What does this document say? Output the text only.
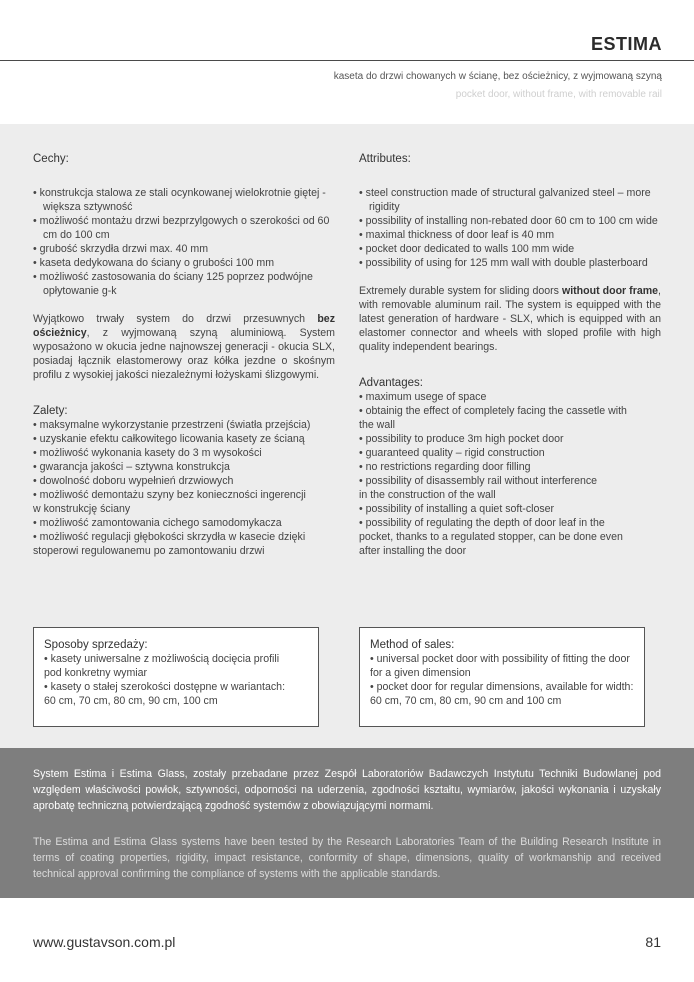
ESTIMA
kaseta do drzwi chowanych w ścianę, bez ościeżnicy, z wyjmowaną szyną
pocket door, without frame, with removable rail
Cechy:
• konstrukcja stalowa ze stali ocynkowanej wielokrotnie giętej - większa sztywność
• możliwość montażu drzwi bezprzylgowych o szerokości od 60 cm do 100 cm
• grubość skrzydła drzwi max. 40 mm
• kaseta dedykowana do ściany o grubości 100 mm
• możliwość zastosowania do ściany 125 poprzez podwójne opłytowanie g-k
Wyjątkowo trwały system do drzwi przesuwnych bez ościeżnicy, z wyjmowaną szyną aluminiową. System wyposażono w okucia jedne najnowszej generacji - okucia SLX, posiadaj łącznik elastomerowy oraz kółka jezdne o skośnym profilu z wysokiej jakości niezależnymi łożyskami ślizgowymi.
Zalety:
• maksymalne wykorzystanie przestrzeni (światła przejścia)
• uzyskanie efektu całkowitego licowania kasety ze ścianą
• możliwość wykonania kasety do 3 m wysokości
• gwarancja jakości – sztywna konstrukcja
• dowolność doboru wypełnień drzwiowych
• możliwość demontażu szyny bez konieczności ingerencji
w konstrukcję ściany
• możliwość zamontowania cichego samodomykacza
• możliwość regulacji głębokości skrzydła w kasecie dzięki
stoperowi regulowanemu po zamontowaniu drzwi
Attributes:
• steel construction made of structural galvanized steel – more rigidity
• possibility of installing non-rebated door 60 cm to 100 cm wide
• maximal thickness of door leaf is 40 mm
• pocket door dedicated to walls 100 mm wide
• possibility of using for 125 mm wall with double plasterboard
Extremely durable system for sliding doors without door frame, with removable aluminum rail. The system is equipped with the latest generation of hardware - SLX, which is equipped with an elastomer connector and wheels with sloped profile with high quality independent bearings.
Advantages:
• maximum usege of space
• obtainig the effect of completely facing the cassetle with
the wall
• possibility to produce 3m high pocket door
• guaranteed quality – rigid construction
• no restrictions regarding door filling
• possibility of disassembly rail without interference
in the construction of the wall
• possibility of installing a quiet soft-closer
• possibility of regulating the depth of door leaf in the
pocket, thanks to a regulated stopper, can be done even
after installing the door
Sposoby sprzedaży:
• kasety uniwersalne z możliwością docięcia profili
pod konkretny wymiar
• kasety o stałej szerokości dostępne w wariantach:
60 cm, 70 cm, 80 cm, 90 cm, 100 cm
Method of sales:
• universal pocket door with possibility of fitting the door
for a given dimension
• pocket door for regular dimensions, available for width:
60 cm, 70 cm, 80 cm, 90 cm and 100 cm
System Estima i Estima Glass, zostały przebadane przez Zespół Laboratoriów Badawczych Instytutu Techniki Budowlanej pod względem właściwości powłok, sztywności, odporności na uderzenia, zgodności kształtu, wymiarów, jakości wykonania i uzyskały aprobatę techniczną potwierdzającą zgodność systemów z obowiązującymi normami.
The Estima and Estima Glass systems have been tested by the Research Laboratories Team of the Building Research Institute in terms of coating properties, rigidity, impact resistance, conformity of shape, dimensions, quality of workmanship and received technical approval confirming the compliance of systems with the applicable standards.
www.gustavson.com.pl	81
